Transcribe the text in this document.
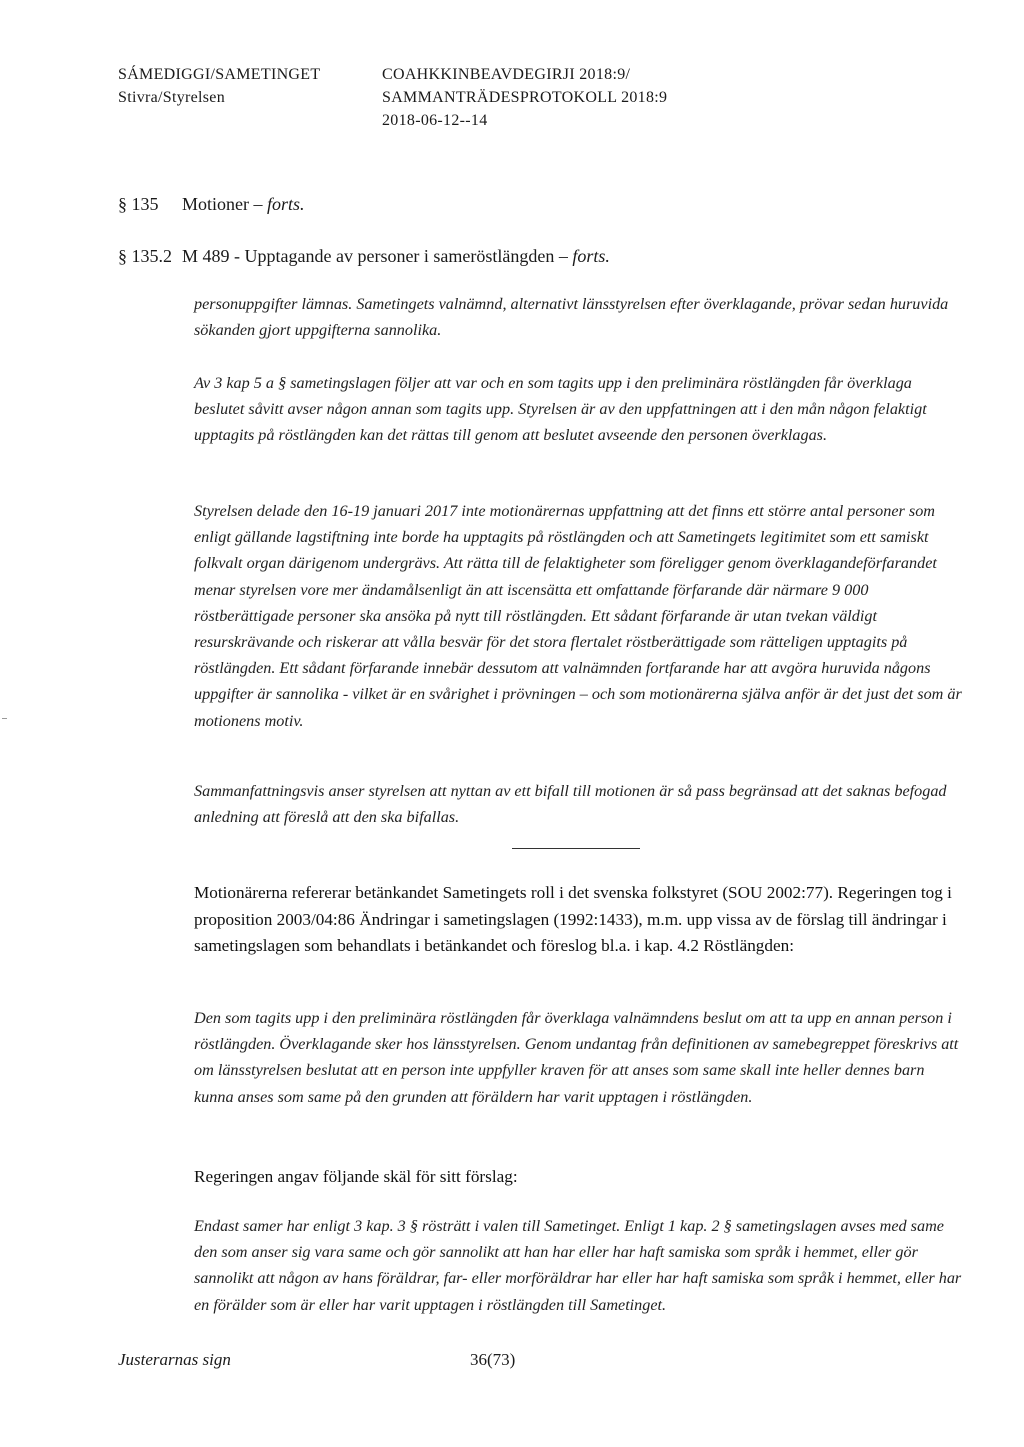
SÁMEDIGGI/SAMETINGET
Stivra/Styrelsen
COAHKKINBEAVDEGIRJI 2018:9/
SAMMANTRÄDESPROTOKOLL 2018:9
2018-06-12--14
§ 135 Motioner – forts.
§ 135.2 M 489 - Upptagande av personer i sameröstlängden – forts.

personuppgifter lämnas. Sametingets valnämnd, alternativt länsstyrelsen efter överklagande, prövar sedan huruvida sökanden gjort uppgifterna sannolika.

Av 3 kap 5 a § sametingslagen följer att var och en som tagits upp i den preliminära röstlängden får överklaga beslutet såvitt avser någon annan som tagits upp. Styrelsen är av den uppfattningen att i den mån någon felaktigt upptagits på röstlängden kan det rättas till genom att beslutet avseende den personen överklagas.

Styrelsen delade den 16-19 januari 2017 inte motionärernas uppfattning att det finns ett större antal personer som enligt gällande lagstiftning inte borde ha upptagits på röstlängden och att Sametingets legitimitet som ett samiskt folkvalt organ därigenom undergrävs. Att rätta till de felaktigheter som föreligger genom överklagandeförfarandet menar styrelsen vore mer ändamålsenligt än att iscensätta ett omfattande förfarande där närmare 9 000 röstberättigade personer ska ansöka på nytt till röstlängden. Ett sådant förfarande är utan tvekan väldigt resurskrävande och riskerar att vålla besvär för det stora flertalet röstberättigade som rätteligen upptagits på röstlängden. Ett sådant förfarande innebär dessutom att valnämnden fortfarande har att avgöra huruvida någons uppgifter är sannolika - vilket är en svårighet i prövningen – och som motionärerna själva anför är det just det som är motionens motiv.

Sammanfattningsvis anser styrelsen att nyttan av ett bifall till motionen är så pass begränsad att det saknas befogad anledning att föreslå att den ska bifallas.

Motionärerna refererar betänkandet Sametingets roll i det svenska folkstyret (SOU 2002:77). Regeringen tog i proposition 2003/04:86 Ändringar i sametingslagen (1992:1433), m.m. upp vissa av de förslag till ändringar i sametingslagen som behandlats i betänkandet och föreslog bl.a. i kap. 4.2 Röstlängden:

Den som tagits upp i den preliminära röstlängden får överklaga valnämndens beslut om att ta upp en annan person i röstlängden. Överklagande sker hos länsstyrelsen. Genom undantag från definitionen av samebegreppet föreskrivs att om länsstyrelsen beslutat att en person inte uppfyller kraven för att anses som same skall inte heller dennes barn kunna anses som same på den grunden att föräldern har varit upptagen i röstlängden.

Regeringen angav följande skäl för sitt förslag:

Endast samer har enligt 3 kap. 3 § rösträtt i valen till Sametinget. Enligt 1 kap. 2 § sametingslagen avses med same den som anser sig vara same och gör sannolikt att han har eller har haft samiska som språk i hemmet, eller gör sannolikt att någon av hans föräldrar, far- eller morföräldrar har eller har haft samiska som språk i hemmet, eller har en förälder som är eller har varit upptagen i röstlängden till Sametinget.

Justerarnas sign	36(73)
